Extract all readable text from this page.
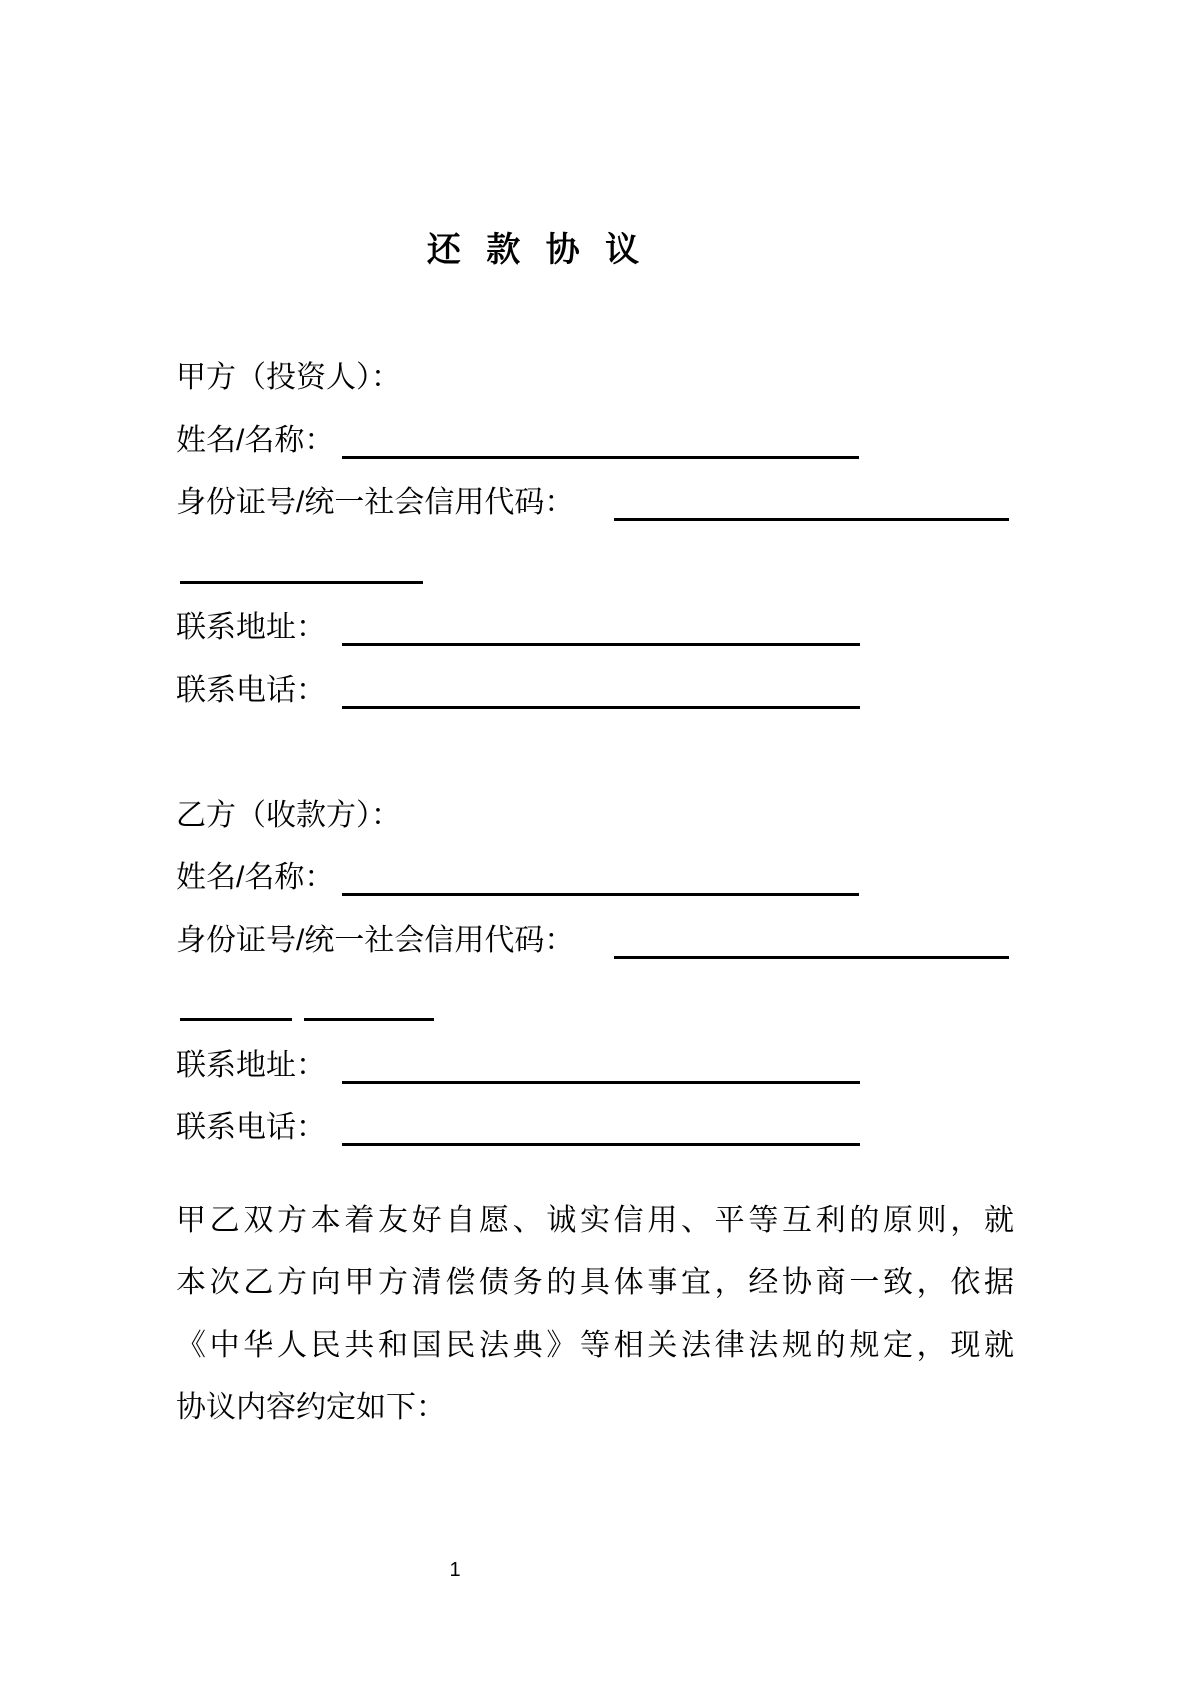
还 款 协 议
甲方（投资人）：
姓名/名称：
身份证号/统一社会信用代码：
联系地址：
联系电话：
乙方（收款方）：
姓名/名称：
身份证号/统一社会信用代码：
联系地址：
联系电话：
甲乙双方本着友好自愿、诚实信用、平等互利的原则，就
本次乙方向甲方清偿债务的具体事宜，经协商一致，依据
《中华人民共和国民法典》等相关法律法规的规定，现就
协议内容约定如下：
1
